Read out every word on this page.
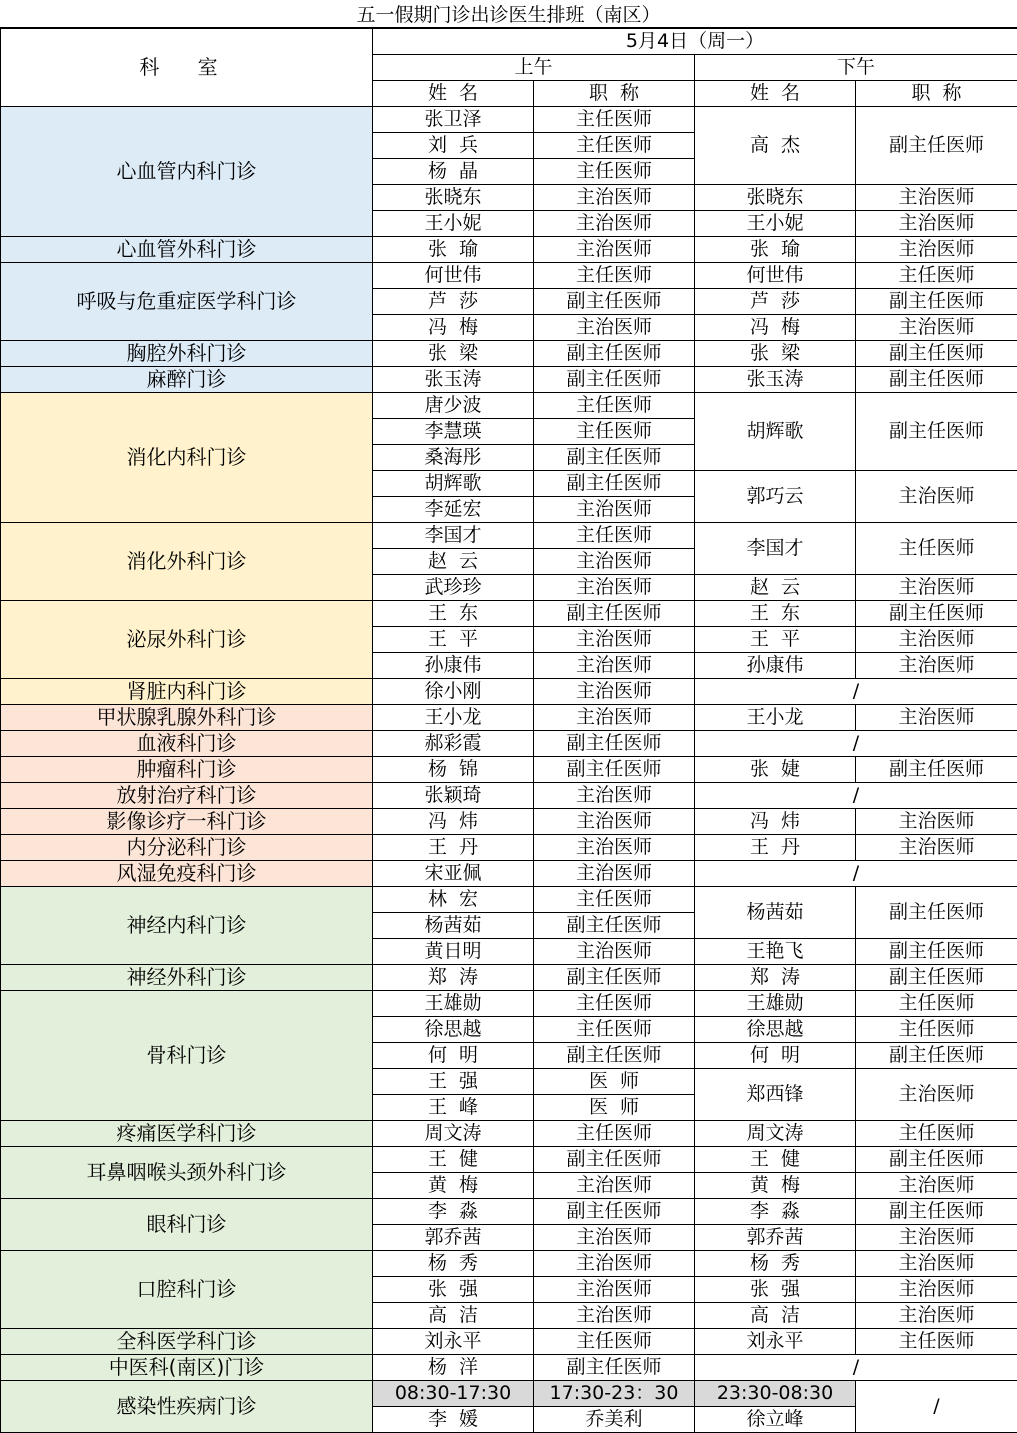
五一假期门诊出诊医生排班（南区）
科 室	5月4日（周一）			
	上午		下午	
	姓  名	职  称	姓  名	职  称
心血管内科门诊	张卫泽	主任医师	高  杰	副主任医师
	刘  兵	主任医师		
	杨  晶	主任医师		
	张晓东	主治医师	张晓东	主治医师
	王小妮	主治医师	王小妮	主治医师
心血管外科门诊	张  瑜	主治医师	张  瑜	主治医师
呼吸与危重症医学科门诊	何世伟	主任医师	何世伟	主任医师
	芦  莎	副主任医师	芦  莎	副主任医师
	冯  梅	主治医师	冯  梅	主治医师
胸腔外科门诊	张  梁	副主任医师	张  梁	副主任医师
麻醉门诊	张玉涛	副主任医师	张玉涛	副主任医师
消化内科门诊	唐少波	主任医师	胡辉歌	副主任医师
	李慧瑛	主任医师		
	桑海彤	副主任医师		
	胡辉歌	副主任医师	郭巧云	主治医师
	李延宏	主治医师		
消化外科门诊	李国才	主任医师	李国才	主任医师
	赵  云	主治医师		
	武珍珍	主治医师	赵  云	主治医师
泌尿外科门诊	王  东	副主任医师	王  东	副主任医师
	王  平	主治医师	王  平	主治医师
	孙康伟	主治医师	孙康伟	主治医师
肾脏内科门诊	徐小刚	主治医师	/	
甲状腺乳腺外科门诊	王小龙	主治医师	王小龙	主治医师
血液科门诊	郝彩霞	副主任医师	/	
肿瘤科门诊	杨  锦	副主任医师	张  婕	副主任医师
放射治疗科门诊	张颖琦	主治医师	/	
影像诊疗一科门诊	冯  炜	主治医师	冯  炜	主治医师
内分泌科门诊	王  丹	主治医师	王  丹	主治医师
风湿免疫科门诊	宋亚佩	主治医师	/	
神经内科门诊	林  宏	主任医师	杨茜茹	副主任医师
	杨茜茹	副主任医师		
	黄日明	主治医师	王艳飞	副主任医师
神经外科门诊	郑  涛	副主任医师	郑  涛	副主任医师
骨科门诊	王雄勋	主任医师	王雄勋	主任医师
	徐思越	主任医师	徐思越	主任医师
	何  明	副主任医师	何  明	副主任医师
	王  强	医  师	郑西锋	主治医师
	王  峰	医  师		
疼痛医学科门诊	周文涛	主任医师	周文涛	主任医师
耳鼻咽喉头颈外科门诊	王  健	副主任医师	王  健	副主任医师
	黄  梅	主治医师	黄  梅	主治医师
眼科门诊	李  淼	副主任医师	李  淼	副主任医师
	郭乔茜	主治医师	郭乔茜	主治医师
口腔科门诊	杨  秀	主治医师	杨  秀	主治医师
	张  强	主治医师	张  强	主治医师
	高  洁	主治医师	高  洁	主治医师
全科医学科门诊	刘永平	主任医师	刘永平	主任医师
中医科(南区)门诊	杨  洋	副主任医师	/	
感染性疾病门诊	08:30-17:30	17:30-23：30	23:30-08:30	/
	李  媛	乔美利	徐立峰	
